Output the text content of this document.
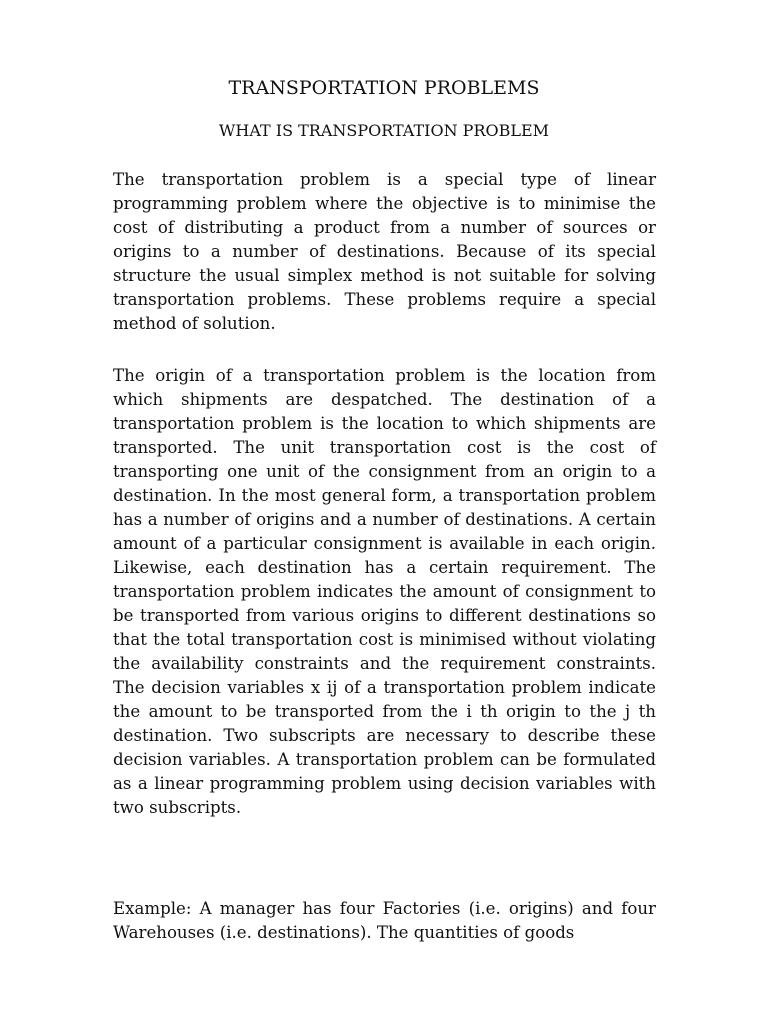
TRANSPORTATION PROBLEMS
WHAT IS TRANSPORTATION PROBLEM

The transportation problem is a special type of linear programming problem where the objective is to minimise the cost of distributing a product from a number of sources or origins to a number of destinations. Because of its special structure the usual simplex method is not suitable for solving transportation problems. These problems require a special method of solution.

The origin of a transportation problem is the location from which shipments are despatched. The destination of a transportation problem is the location to which shipments are transported. The unit transportation cost is the cost of transporting one unit of the consignment from an origin to a destination. In the most general form, a transportation problem has a number of origins and a number of destinations. A certain amount of a particular consignment is available in each origin. Likewise, each destination has a certain requirement. The transportation problem indicates the amount of consignment to be transported from various origins to different destinations so that the total transportation cost is minimised without violating the availability constraints and the requirement constraints. The decision variables x ij of a transportation problem indicate the amount to be transported from the i th origin to the j th destination. Two subscripts are necessary to describe these decision variables. A transportation problem can be formulated as a linear programming problem using decision variables with two subscripts.

Example: A manager has four Factories (i.e. origins) and four Warehouses (i.e. destinations). The quantities of goods
